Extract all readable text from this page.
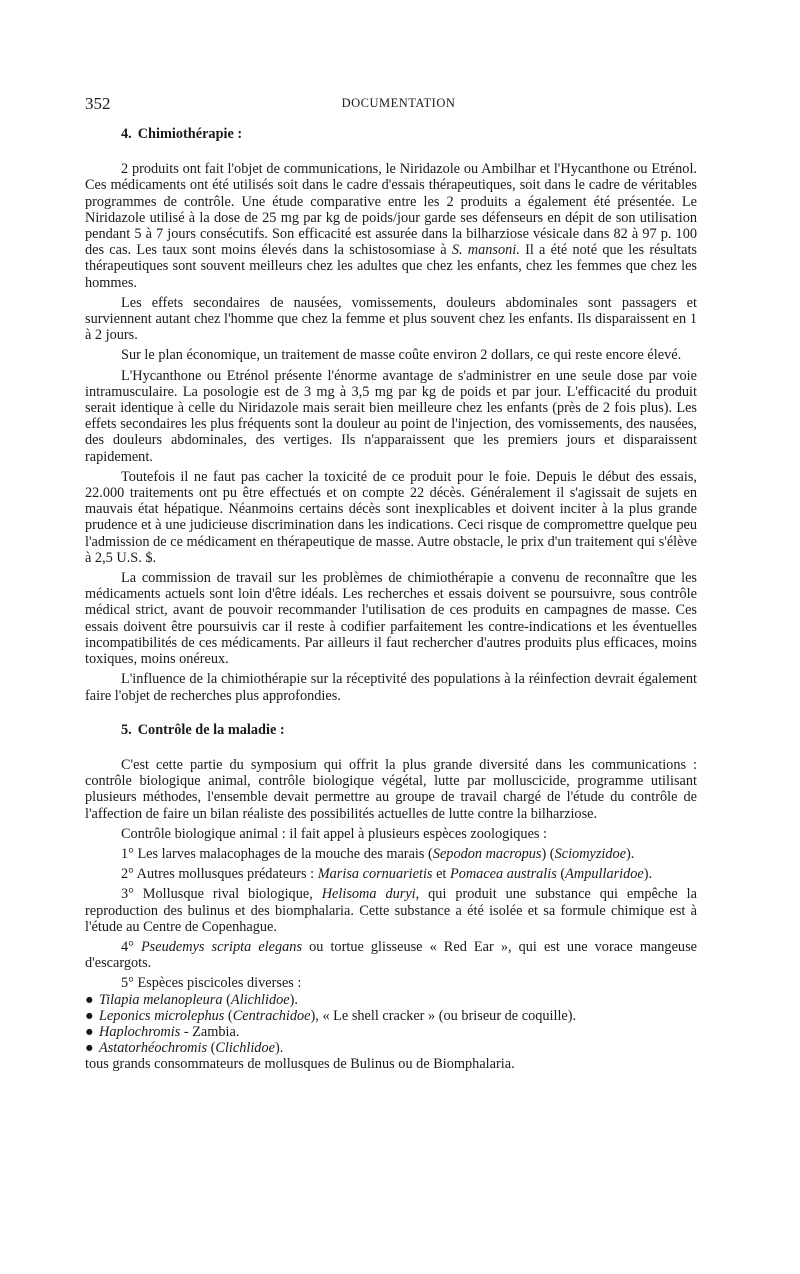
352	DOCUMENTATION
4. Chimiothérapie :

2 produits ont fait l'objet de communications, le Niridazole ou Ambilhar et l'Hycanthone ou Etrénol. Ces médicaments ont été utilisés soit dans le cadre d'essais thérapeutiques, soit dans le cadre de véritables programmes de contrôle. Une étude comparative entre les 2 produits a également été présentée. Le Niridazole utilisé à la dose de 25 mg par kg de poids/jour garde ses défenseurs en dépit de son utilisation pendant 5 à 7 jours consécutifs. Son efficacité est assurée dans la bilharziose vésicale dans 82 à 97 p. 100 des cas. Les taux sont moins élevés dans la schistosomiase à S. mansoni. Il a été noté que les résultats thérapeutiques sont souvent meilleurs chez les adultes que chez les enfants, chez les femmes que chez les hommes.

Les effets secondaires de nausées, vomissements, douleurs abdominales sont passagers et surviennent autant chez l'homme que chez la femme et plus souvent chez les enfants. Ils disparaissent en 1 à 2 jours.

Sur le plan économique, un traitement de masse coûte environ 2 dollars, ce qui reste encore élevé.

L'Hycanthone ou Etrénol présente l'énorme avantage de s'administrer en une seule dose par voie intramusculaire. La posologie est de 3 mg à 3,5 mg par kg de poids et par jour. L'efficacité du produit serait identique à celle du Niridazole mais serait bien meilleure chez les enfants (près de 2 fois plus). Les effets secondaires les plus fréquents sont la douleur au point de l'injection, des vomissements, des nausées, des douleurs abdominales, des vertiges. Ils n'apparaissent que les premiers jours et disparaissent rapidement.

Toutefois il ne faut pas cacher la toxicité de ce produit pour le foie. Depuis le début des essais, 22.000 traitements ont pu être effectués et on compte 22 décès. Généralement il s'agissait de sujets en mauvais état hépatique. Néanmoins certains décès sont inexplicables et doivent inciter à la plus grande prudence et à une judicieuse discrimination dans les indications. Ceci risque de compromettre quelque peu l'admission de ce médicament en thérapeutique de masse. Autre obstacle, le prix d'un traitement qui s'élève à 2,5 U.S. $.

La commission de travail sur les problèmes de chimiothérapie a convenu de reconnaître que les médicaments actuels sont loin d'être idéals. Les recherches et essais doivent se poursuivre, sous contrôle médical strict, avant de pouvoir recommander l'utilisation de ces produits en campagnes de masse. Ces essais doivent être poursuivis car il reste à codifier parfaitement les contre-indications et les éventuelles incompatibilités de ces médicaments. Par ailleurs il faut rechercher d'autres produits plus efficaces, moins toxiques, moins onéreux.

L'influence de la chimiothérapie sur la réceptivité des populations à la réinfection devrait également faire l'objet de recherches plus approfondies.

5. Contrôle de la maladie :

C'est cette partie du symposium qui offrit la plus grande diversité dans les communications : contrôle biologique animal, contrôle biologique végétal, lutte par molluscicide, programme utilisant plusieurs méthodes, l'ensemble devait permettre au groupe de travail chargé de l'étude du contrôle de l'affection de faire un bilan réaliste des possibilités actuelles de lutte contre la bilharziose.

Contrôle biologique animal : il fait appel à plusieurs espèces zoologiques :

1° Les larves malacophages de la mouche des marais (Sepodon macropus) (Sciomyzidoe).

2° Autres mollusques prédateurs : Marisa cornuarietis et Pomacea australis (Ampullaridoe).

3° Mollusque rival biologique, Helisoma duryi, qui produit une substance qui empêche la reproduction des bulinus et des biomphalaria. Cette substance a été isolée et sa formule chimique est à l'étude au Centre de Copenhague.

4° Pseudemys scripta elegans ou tortue glisseuse « Red Ear », qui est une vorace mangeuse d'escargots.

5° Espèces piscicoles diverses :

● Tilapia melanopleura (Alichlidoe).
● Leponics microlephus (Centrachidoe), « Le shell cracker » (ou briseur de coquille).
● Haplochromis - Zambia.
● Astatorhéochromis (Clichlidoe).

tous grands consommateurs de mollusques de Bulinus ou de Biomphalaria.
